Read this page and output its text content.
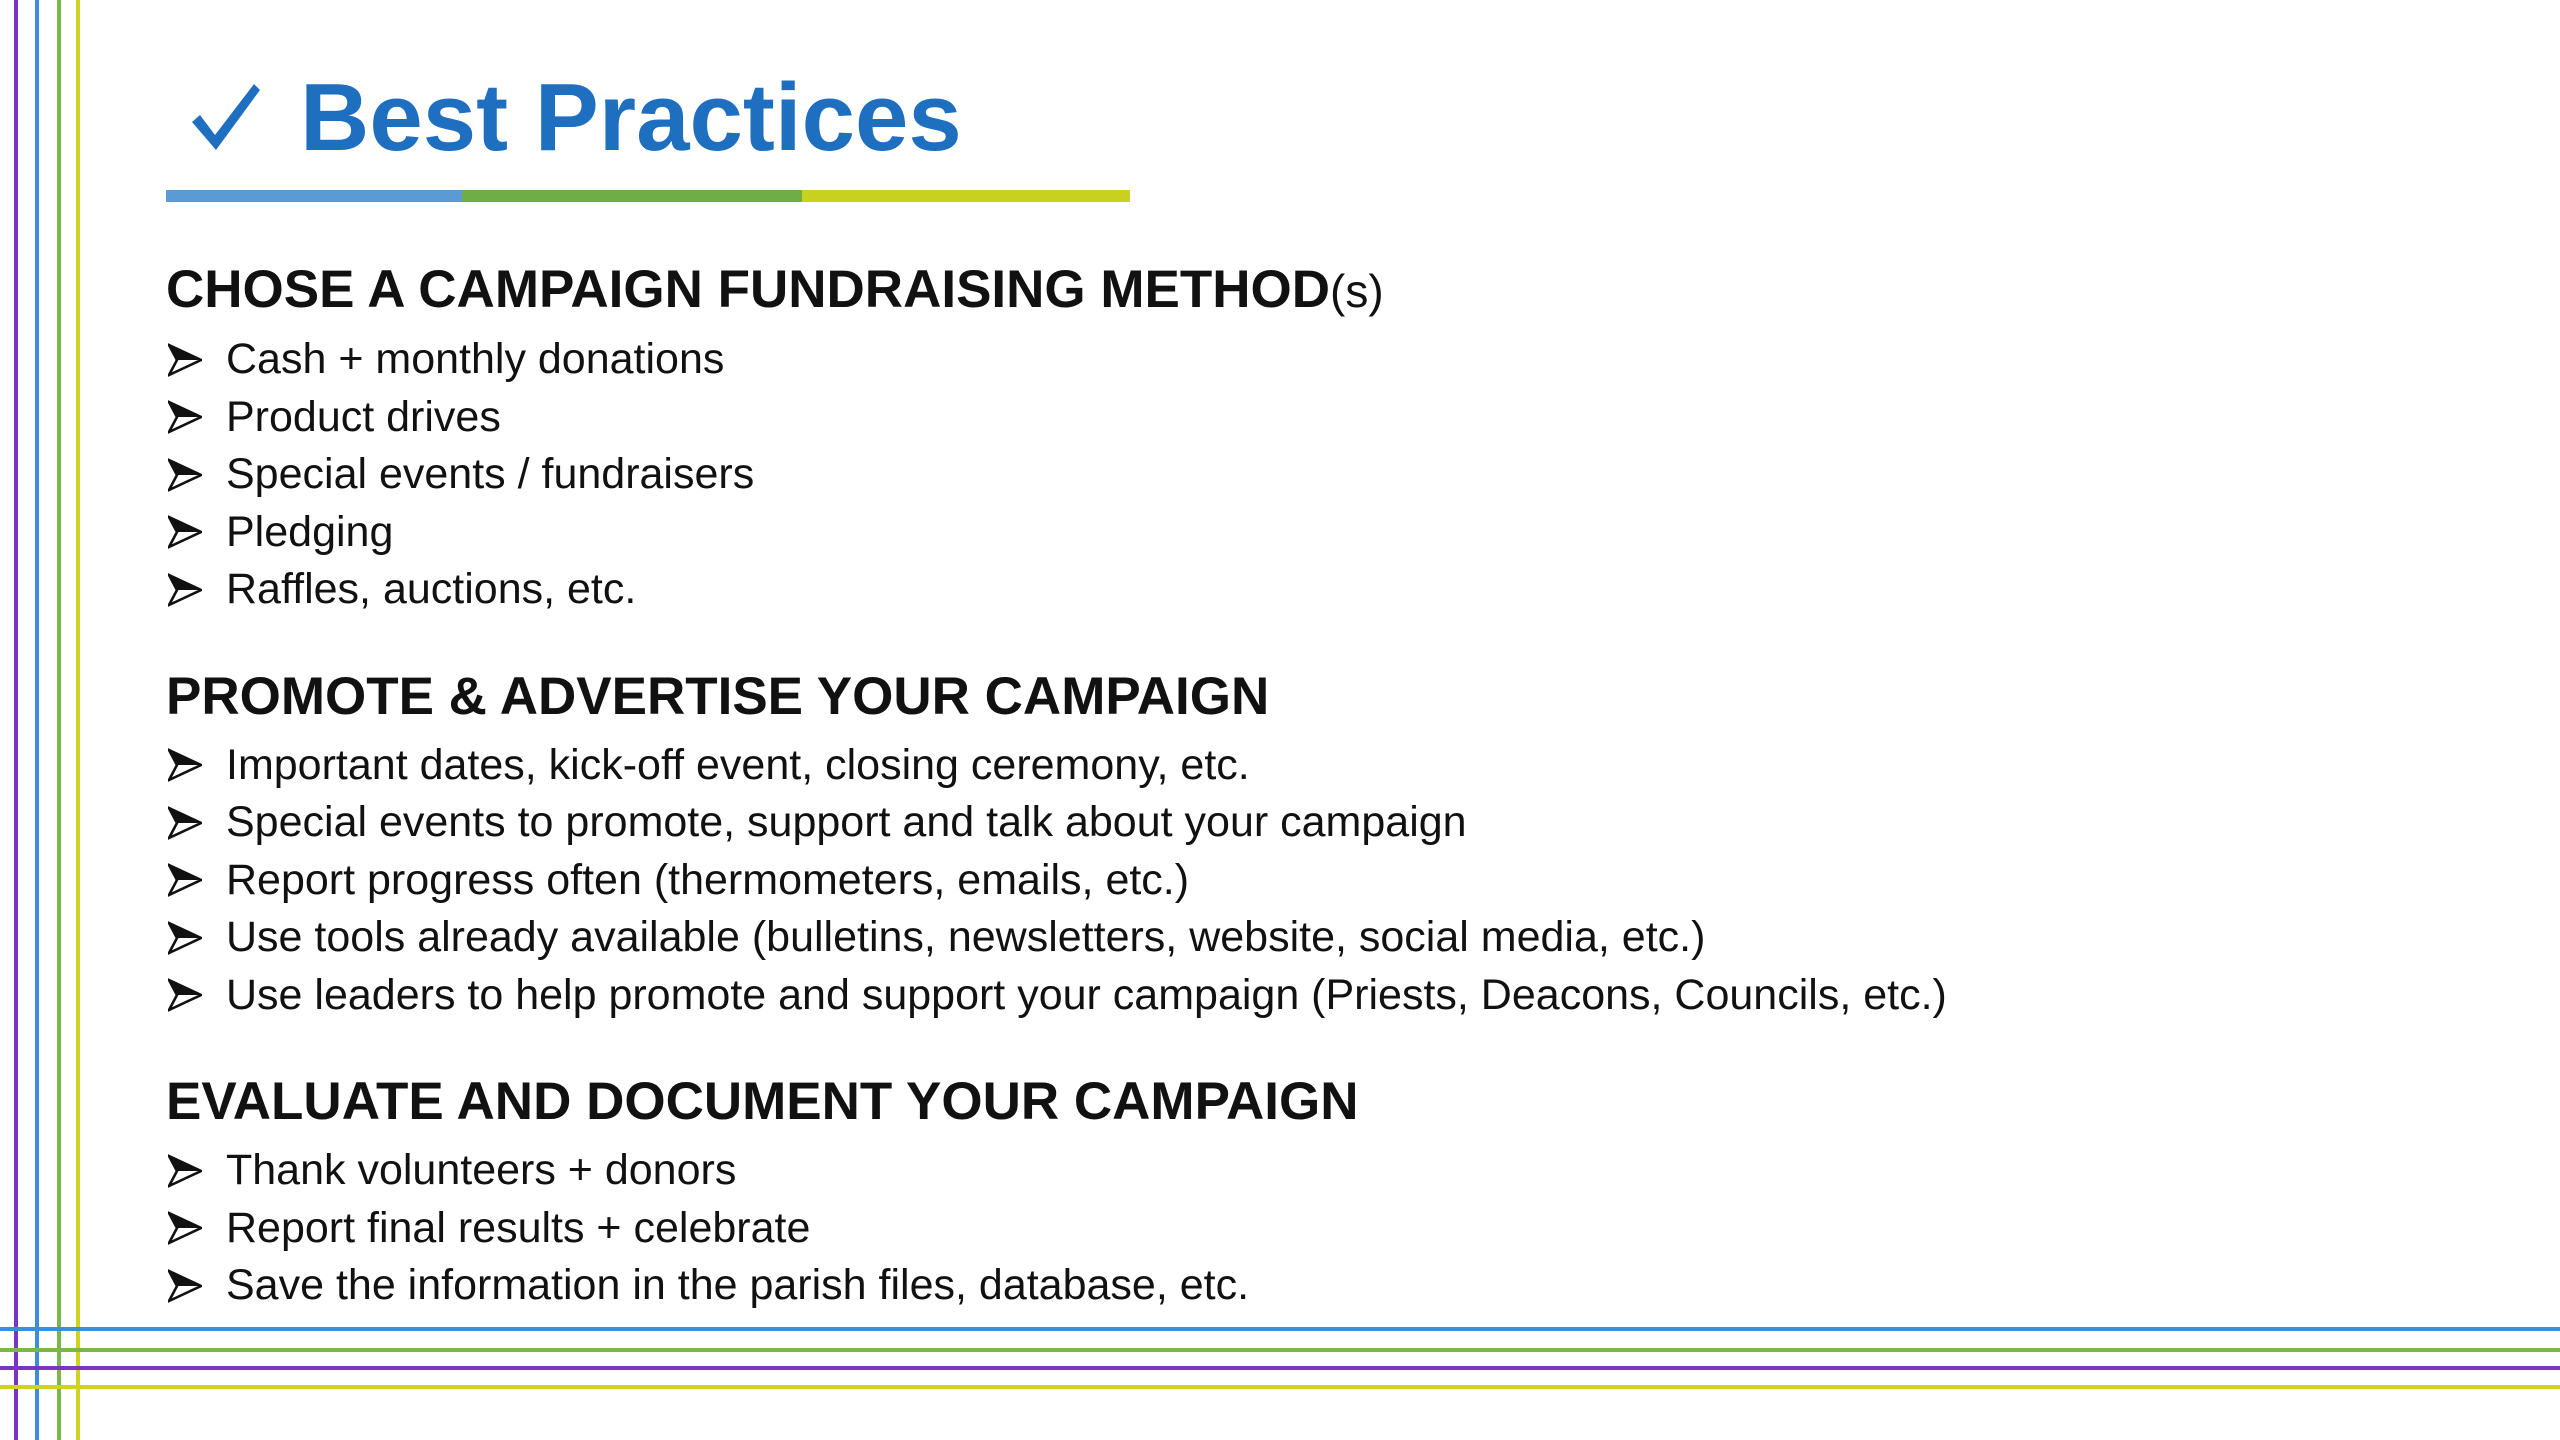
Best Practices
CHOSE A CAMPAIGN FUNDRAISING METHOD(s)
Cash + monthly donations
Product drives
Special events / fundraisers
Pledging
Raffles, auctions, etc.
PROMOTE & ADVERTISE YOUR CAMPAIGN
Important dates, kick-off event, closing ceremony, etc.
Special events to promote, support and talk about your campaign
Report progress often (thermometers, emails, etc.)
Use tools already available (bulletins, newsletters, website, social media, etc.)
Use leaders to help promote and support your campaign (Priests, Deacons, Councils, etc.)
EVALUATE AND DOCUMENT YOUR CAMPAIGN
Thank volunteers + donors
Report final results + celebrate
Save the information in the parish files, database, etc.
